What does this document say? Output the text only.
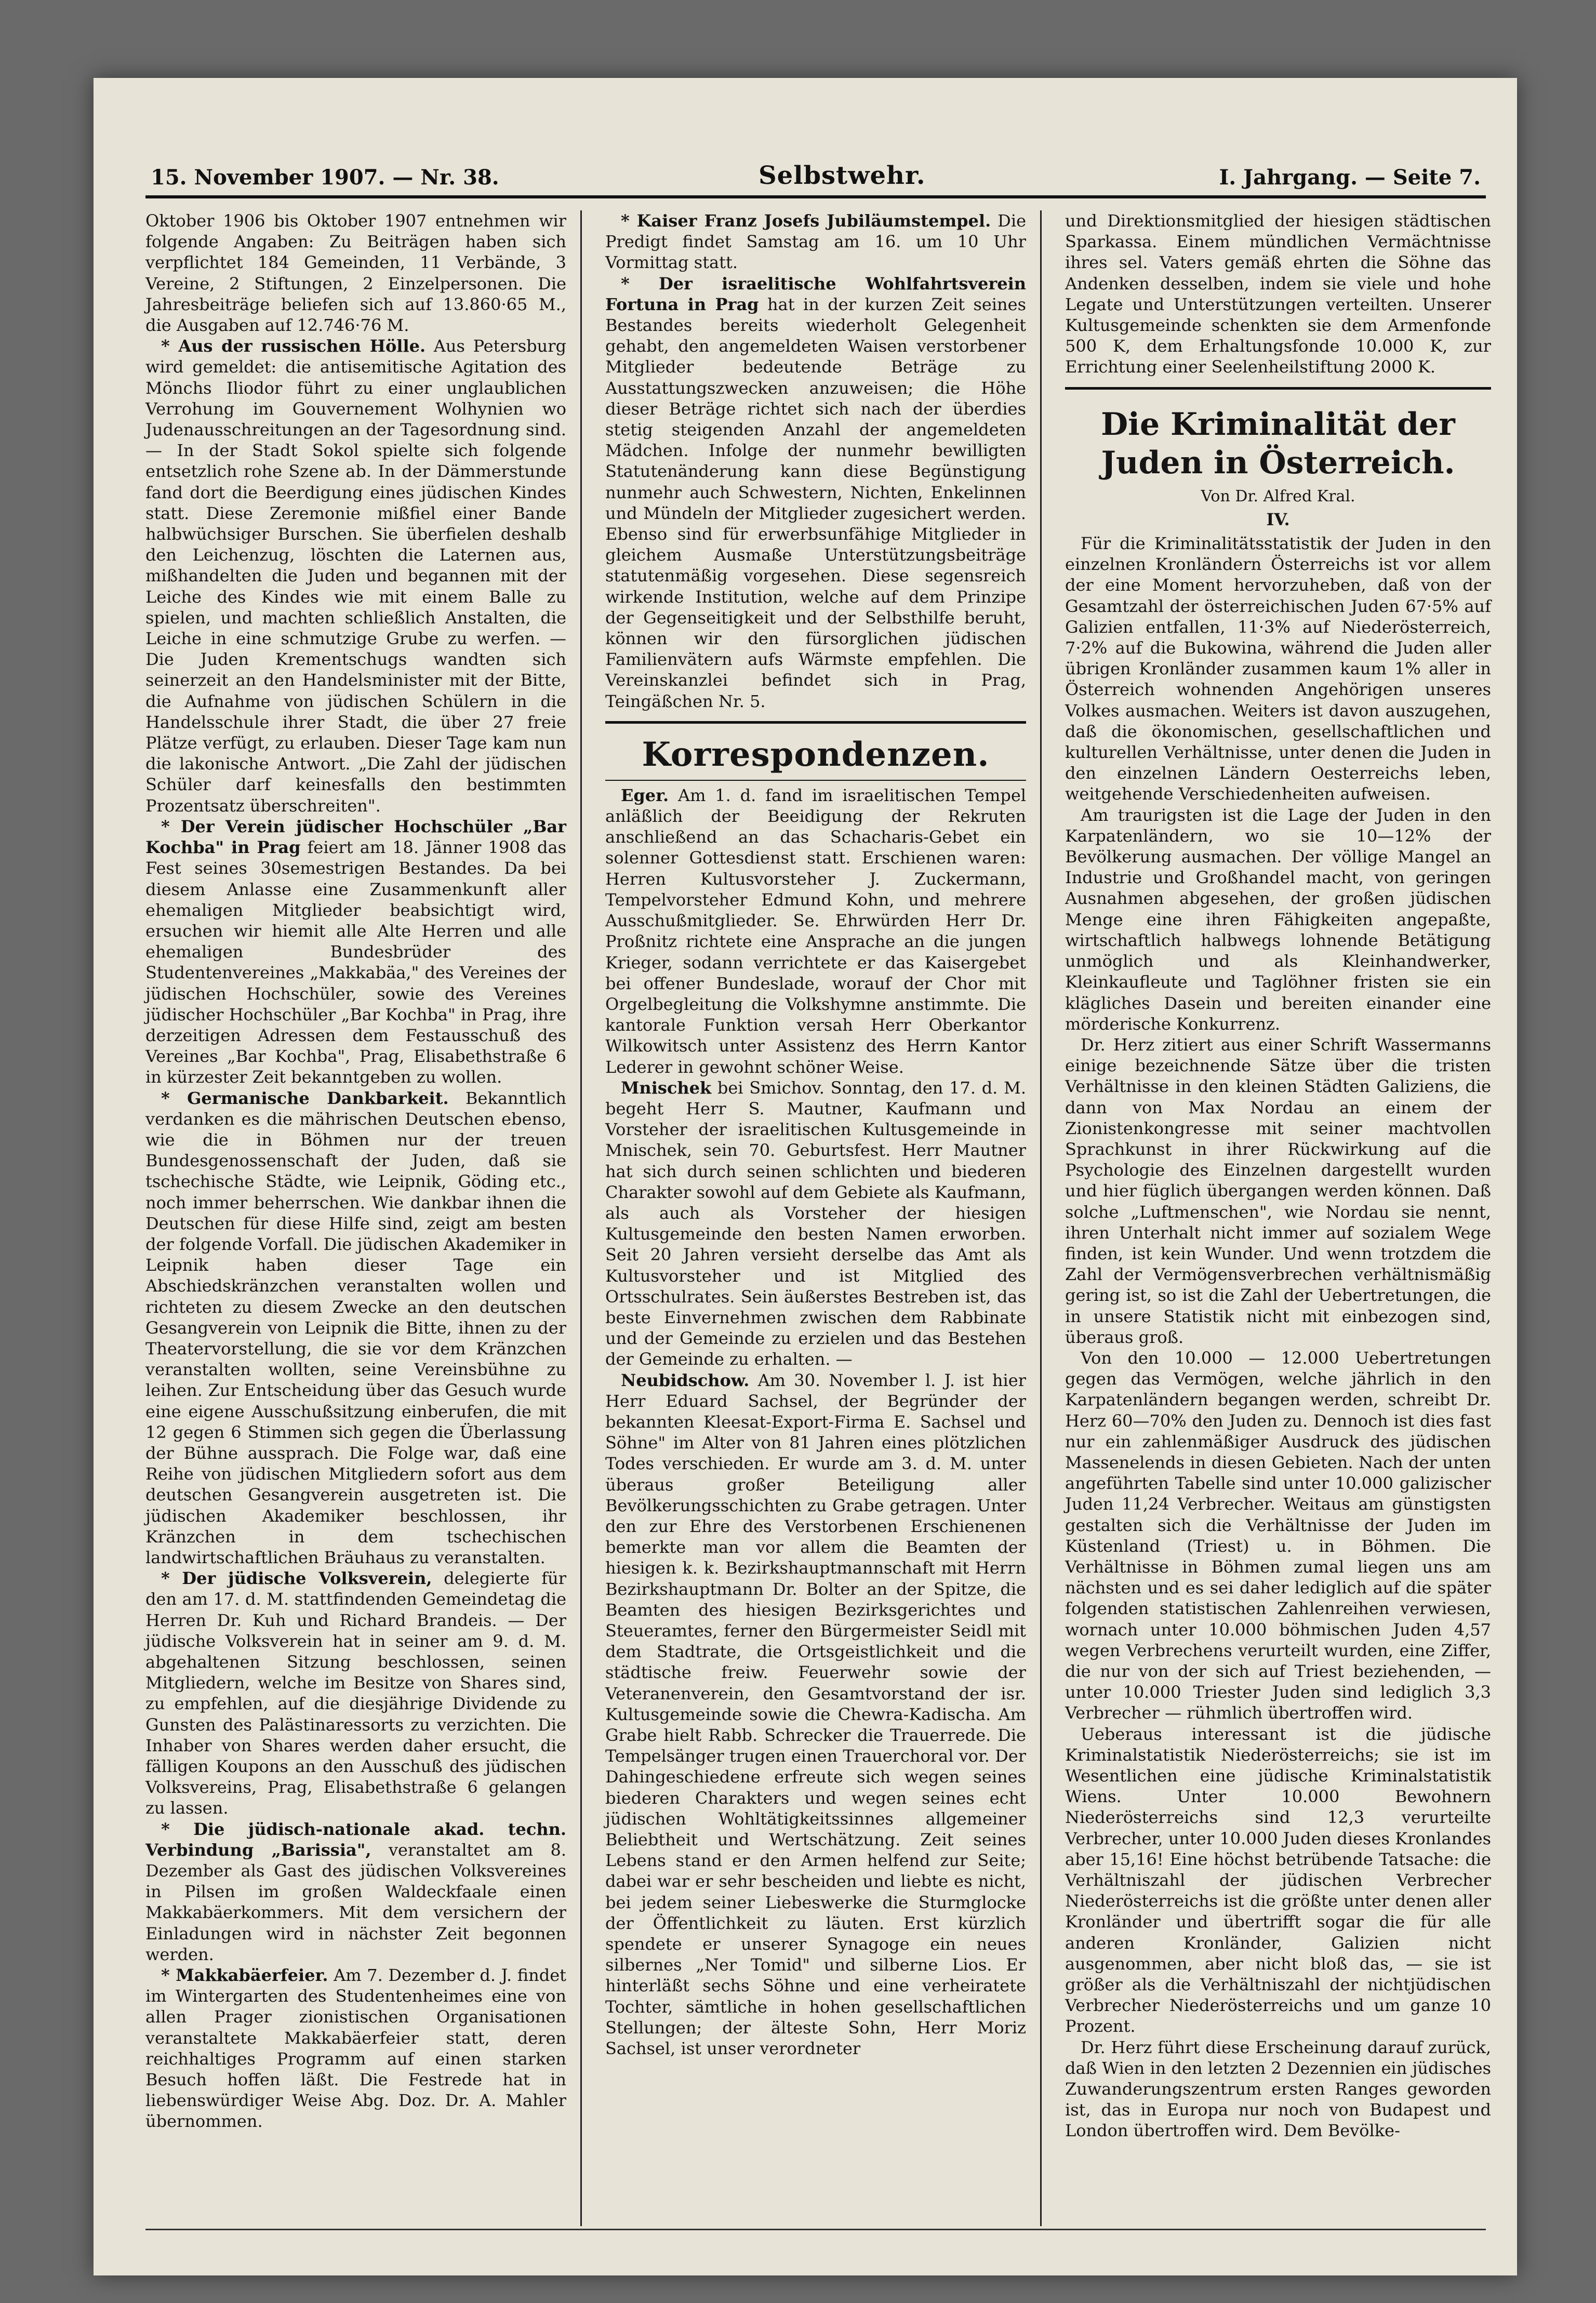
15. November 1907. — Nr. 38.	Selbstwehr.	I. Jahrgang. — Seite 7.

Oktober 1906 bis Oktober 1907 entnehmen wir folgende Angaben: Zu Beiträgen haben sich verpflichtet 184 Gemeinden, 11 Verbände, 3 Vereine, 2 Stiftungen, 2 Einzelpersonen. Die Jahresbeiträge beliefen sich auf 13.860·65 M., die Ausgaben auf 12.746·76 M.

* Aus der russischen Hölle. Aus Petersburg wird gemeldet: die antisemitische Agitation des Mönchs Iliodor führt zu einer unglaublichen Verrohung im Gouvernement Wolhynien wo Judenausschreitungen an der Tagesordnung sind. — In der Stadt Sokol spielte sich folgende entsetzlich rohe Szene ab. In der Dämmerstunde fand dort die Beerdigung eines jüdischen Kindes statt. Diese Zeremonie mißfiel einer Bande halbwüchsiger Burschen. Sie überfielen deshalb den Leichenzug, löschten die Laternen aus, mißhandelten die Juden und begannen mit der Leiche des Kindes wie mit einem Balle zu spielen, und machten schließlich Anstalten, die Leiche in eine schmutzige Grube zu werfen. — Die Juden Krementschugs wandten sich seinerzeit an den Handelsminister mit der Bitte, die Aufnahme von jüdischen Schülern in die Handelsschule ihrer Stadt, die über 27 freie Plätze verfügt, zu erlauben. Dieser Tage kam nun die lakonische Antwort. „Die Zahl der jüdischen Schüler darf keinesfalls den bestimmten Prozentsatz überschreiten".

* Der Verein jüdischer Hochschüler „Bar Kochba" in Prag feiert am 18. Jänner 1908 das Fest seines 30semestrigen Bestandes. Da bei diesem Anlasse eine Zusammenkunft aller ehemaligen Mitglieder beabsichtigt wird, ersuchen wir hiemit alle Alte Herren und alle ehemaligen Bundesbrüder des Studentenvereines „Makkabäa," des Vereines der jüdischen Hochschüler, sowie des Vereines jüdischer Hochschüler „Bar Kochba" in Prag, ihre derzeitigen Adressen dem Festausschuß des Vereines „Bar Kochba", Prag, Elisabethstraße 6 in kürzester Zeit bekanntgeben zu wollen.

* Germanische Dankbarkeit. Bekanntlich verdanken es die mährischen Deutschen ebenso, wie die in Böhmen nur der treuen Bundesgenossenschaft der Juden, daß sie tschechische Städte, wie Leipnik, Göding etc., noch immer beherrschen. Wie dankbar ihnen die Deutschen für diese Hilfe sind, zeigt am besten der folgende Vorfall. Die jüdischen Akademiker in Leipnik haben dieser Tage ein Abschiedskränzchen veranstalten wollen und richteten zu diesem Zwecke an den deutschen Gesangverein von Leipnik die Bitte, ihnen zu der Theatervorstellung, die sie vor dem Kränzchen veranstalten wollten, seine Vereinsbühne zu leihen. Zur Entscheidung über das Gesuch wurde eine eigene Ausschußsitzung einberufen, die mit 12 gegen 6 Stimmen sich gegen die Überlassung der Bühne aussprach. Die Folge war, daß eine Reihe von jüdischen Mitgliedern sofort aus dem deutschen Gesangverein ausgetreten ist. Die jüdischen Akademiker beschlossen, ihr Kränzchen in dem tschechischen landwirtschaftlichen Bräuhaus zu veranstalten.

* Der jüdische Volksverein, delegierte für den am 17. d. M. stattfindenden Gemeindetag die Herren Dr. Kuh und Richard Brandeis. — Der jüdische Volksverein hat in seiner am 9. d. M. abgehaltenen Sitzung beschlossen, seinen Mitgliedern, welche im Besitze von Shares sind, zu empfehlen, auf die diesjährige Dividende zu Gunsten des Palästinaressorts zu verzichten. Die Inhaber von Shares werden daher ersucht, die fälligen Koupons an den Ausschuß des jüdischen Volksvereins, Prag, Elisabethstraße 6 gelangen zu lassen.

* Die jüdisch-nationale akad. techn. Verbindung „Barissia", veranstaltet am 8. Dezember als Gast des jüdischen Volksvereines in Pilsen im großen Waldeckfaale einen Makkabäerkommers. Mit dem versichern der Einladungen wird in nächster Zeit begonnen werden.

* Makkabäerfeier. Am 7. Dezember d. J. findet im Wintergarten des Studentenheimes eine von allen Prager zionistischen Organisationen veranstaltete Makkabäerfeier statt, deren reichhaltiges Programm auf einen starken Besuch hoffen läßt. Die Festrede hat in liebenswürdiger Weise Abg. Doz. Dr. A. Mahler übernommen.

* Kaiser Franz Josefs Jubiläumstempel. Die Predigt findet Samstag am 16. um 10 Uhr Vormittag statt.

* Der israelitische Wohlfahrtsverein Fortuna in Prag hat in der kurzen Zeit seines Bestandes bereits wiederholt Gelegenheit gehabt, den angemeldeten Waisen verstorbener Mitglieder bedeutende Beträge zu Ausstattungszwecken anzuweisen; die Höhe dieser Beträge richtet sich nach der überdies stetig steigenden Anzahl der angemeldeten Mädchen. Infolge der nunmehr bewilligten Statutenänderung kann diese Begünstigung nunmehr auch Schwestern, Nichten, Enkelinnen und Mündeln der Mitglieder zugesichert werden. Ebenso sind für erwerbsunfähige Mitglieder in gleichem Ausmaße Unterstützungsbeiträge statutenmäßig vorgesehen. Diese segensreich wirkende Institution, welche auf dem Prinzipe der Gegenseitigkeit und der Selbsthilfe beruht, können wir den fürsorglichen jüdischen Familienvätern aufs Wärmste empfehlen. Die Vereinskanzlei befindet sich in Prag, Teingäßchen Nr. 5.

Korrespondenzen.

Eger. Am 1. d. fand im israelitischen Tempel anläßlich der Beeidigung der Rekruten anschließend an das Schacharis-Gebet ein solenner Gottesdienst statt. Erschienen waren: Herren Kultusvorsteher J. Zuckermann, Tempelvorsteher Edmund Kohn, und mehrere Ausschußmitglieder. Se. Ehrwürden Herr Dr. Proßnitz richtete eine Ansprache an die jungen Krieger, sodann verrichtete er das Kaisergebet bei offener Bundeslade, worauf der Chor mit Orgelbegleitung die Volkshymne anstimmte. Die kantorale Funktion versah Herr Oberkantor Wilkowitsch unter Assistenz des Herrn Kantor Lederer in gewohnt schöner Weise.

Mnischek bei Smichov. Sonntag, den 17. d. M. begeht Herr S. Mautner, Kaufmann und Vorsteher der israelitischen Kultusgemeinde in Mnischek, sein 70. Geburtsfest. Herr Mautner hat sich durch seinen schlichten und biederen Charakter sowohl auf dem Gebiete als Kaufmann, als auch als Vorsteher der hiesigen Kultusgemeinde den besten Namen erworben. Seit 20 Jahren versieht derselbe das Amt als Kultusvorsteher und ist Mitglied des Ortsschulrates. Sein äußerstes Bestreben ist, das beste Einvernehmen zwischen dem Rabbinate und der Gemeinde zu erzielen und das Bestehen der Gemeinde zu erhalten. —

Neubidschow. Am 30. November l. J. ist hier Herr Eduard Sachsel, der Begründer der bekannten Kleesat-Export-Firma E. Sachsel und Söhne" im Alter von 81 Jahren eines plötzlichen Todes verschieden. Er wurde am 3. d. M. unter überaus großer Beteiligung aller Bevölkerungsschichten zu Grabe getragen. Unter den zur Ehre des Verstorbenen Erschienenen bemerkte man vor allem die Beamten der hiesigen k. k. Bezirkshauptmannschaft mit Herrn Bezirkshauptmann Dr. Bolter an der Spitze, die Beamten des hiesigen Bezirksgerichtes und Steueramtes, ferner den Bürgermeister Seidl mit dem Stadtrate, die Ortsgeistlichkeit und die städtische freiw. Feuerwehr sowie der Veteranenverein, den Gesamtvorstand der isr. Kultusgemeinde sowie die Chewra-Kadischa. Am Grabe hielt Rabb. Schrecker die Trauerrede. Die Tempelsänger trugen einen Trauerchoral vor. Der Dahingeschiedene erfreute sich wegen seines biederen Charakters und wegen seines echt jüdischen Wohltätigkeitssinnes allgemeiner Beliebtheit und Wertschätzung. Zeit seines Lebens stand er den Armen helfend zur Seite; dabei war er sehr bescheiden und liebte es nicht, bei jedem seiner Liebeswerke die Sturmglocke der Öffentlichkeit zu läuten. Erst kürzlich spendete er unserer Synagoge ein neues silbernes „Ner Tomid" und silberne Lios. Er hinterläßt sechs Söhne und eine verheiratete Tochter, sämtliche in hohen gesellschaftlichen Stellungen; der älteste Sohn, Herr Moriz Sachsel, ist unser verordneter

und Direktionsmitglied der hiesigen städtischen Sparkassa. Einem mündlichen Vermächtnisse ihres sel. Vaters gemäß ehrten die Söhne das Andenken desselben, indem sie viele und hohe Legate und Unterstützungen verteilten. Unserer Kultusgemeinde schenkten sie dem Armenfonde 500 K, dem Erhaltungsfonde 10.000 K, zur Errichtung einer Seelenheilstiftung 2000 K.

Die Kriminalität der Juden in Österreich.
Von Dr. Alfred Kral.
IV.

Für die Kriminalitätsstatistik der Juden in den einzelnen Kronländern Österreichs ist vor allem der eine Moment hervorzuheben, daß von der Gesamtzahl der österreichischen Juden 67·5% auf Galizien entfallen, 11·3% auf Niederösterreich, 7·2% auf die Bukowina, während die Juden aller übrigen Kronländer zusammen kaum 1% aller in Österreich wohnenden Angehörigen unseres Volkes ausmachen. Weiters ist davon auszugehen, daß die ökonomischen, gesellschaftlichen und kulturellen Verhältnisse, unter denen die Juden in den einzelnen Ländern Oesterreichs leben, weitgehende Verschiedenheiten aufweisen.

Am traurigsten ist die Lage der Juden in den Karpatenländern, wo sie 10—12% der Bevölkerung ausmachen. Der völlige Mangel an Industrie und Großhandel macht, von geringen Ausnahmen abgesehen, der großen jüdischen Menge eine ihren Fähigkeiten angepaßte, wirtschaftlich halbwegs lohnende Betätigung unmöglich und als Kleinhandwerker, Kleinkaufleute und Taglöhner fristen sie ein klägliches Dasein und bereiten einander eine mörderische Konkurrenz.

Dr. Herz zitiert aus einer Schrift Wassermanns einige bezeichnende Sätze über die tristen Verhältnisse in den kleinen Städten Galiziens, die dann von Max Nordau an einem der Zionistenkongresse mit seiner machtvollen Sprachkunst in ihrer Rückwirkung auf die Psychologie des Einzelnen dargestellt wurden und hier füglich übergangen werden können. Daß solche „Luftmenschen", wie Nordau sie nennt, ihren Unterhalt nicht immer auf sozialem Wege finden, ist kein Wunder. Und wenn trotzdem die Zahl der Vermögensverbrechen verhältnismäßig gering ist, so ist die Zahl der Uebertretungen, die in unsere Statistik nicht mit einbezogen sind, überaus groß.

Von den 10.000 — 12.000 Uebertretungen gegen das Vermögen, welche jährlich in den Karpatenländern begangen werden, schreibt Dr. Herz 60—70% den Juden zu. Dennoch ist dies fast nur ein zahlenmäßiger Ausdruck des jüdischen Massenelends in diesen Gebieten. Nach der unten angeführten Tabelle sind unter 10.000 galizischer Juden 11,24 Verbrecher. Weitaus am günstigsten gestalten sich die Verhältnisse der Juden im Küstenland (Triest) u. in Böhmen. Die Verhältnisse in Böhmen zumal liegen uns am nächsten und es sei daher lediglich auf die später folgenden statistischen Zahlenreihen verwiesen, wornach unter 10.000 böhmischen Juden 4,57 wegen Verbrechens verurteilt wurden, eine Ziffer, die nur von der sich auf Triest beziehenden, — unter 10.000 Triester Juden sind lediglich 3,3 Verbrecher — rühmlich übertroffen wird.

Ueberaus interessant ist die jüdische Kriminalstatistik Niederösterreichs; sie ist im Wesentlichen eine jüdische Kriminalstatistik Wiens. Unter 10.000 Bewohnern Niederösterreichs sind 12,3 verurteilte Verbrecher, unter 10.000 Juden dieses Kronlandes aber 15,16! Eine höchst betrübende Tatsache: die Verhältniszahl der jüdischen Verbrecher Niederösterreichs ist die größte unter denen aller Kronländer und übertrifft sogar die für alle anderen Kronländer, Galizien nicht ausgenommen, aber nicht bloß das, — sie ist größer als die Verhältniszahl der nichtjüdischen Verbrecher Niederösterreichs und um ganze 10 Prozent.

Dr. Herz führt diese Erscheinung darauf zurück, daß Wien in den letzten 2 Dezennien ein jüdisches Zuwanderungszentrum ersten Ranges geworden ist, das in Europa nur noch von Budapest und London übertroffen wird. Dem Bevölke-
